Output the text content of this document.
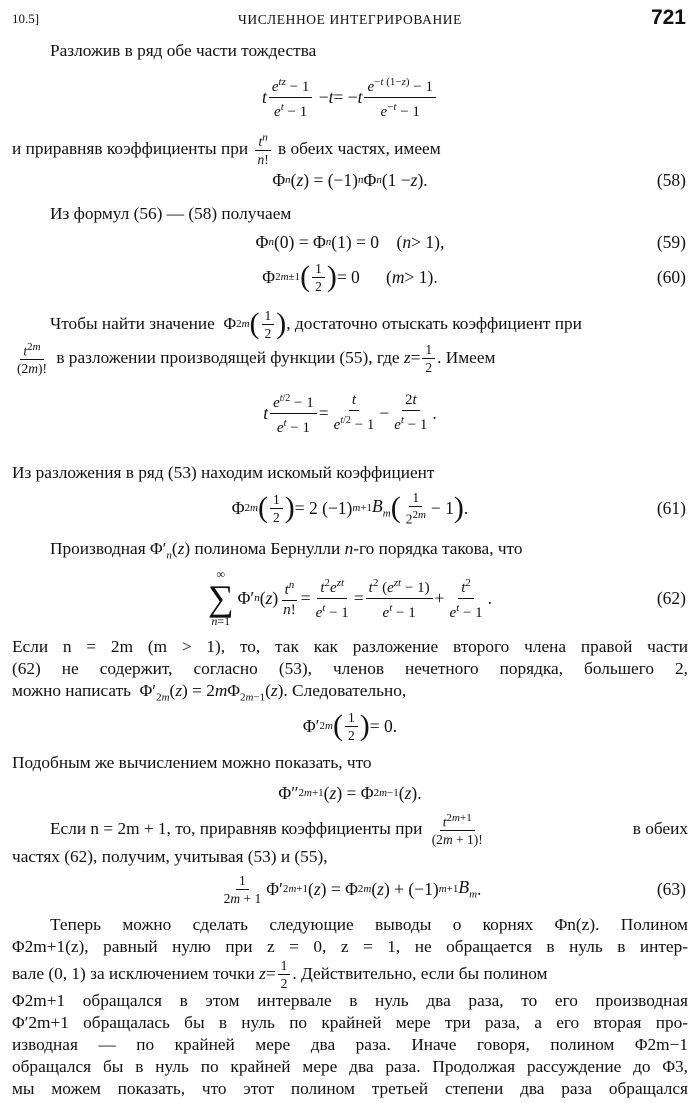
10.5]	ЧИСЛЕННОЕ ИНТЕГРИРОВАНИЕ	721
Разложив в ряд обе части тождества
t $\frac{e^{tz} - 1}{e^t - 1} - t$ = − t $\frac{e^{-t (1-z)} - 1}{e^{-t} - 1}$
и приравняв коэффициенты при
$\frac{t^n}{n!}$
в обеих частях, имеем
Φ n ( z ) = (−1) n Φ n (1 − z ).	(58)
Из формул (56) — (58) получаем
Φ n (0) = Φ n (1) = 0    ( n > 1),	(59)
Φ 2m±1 ( $\frac{1}{2}$ ) = 0      ( m > 1).	(60)
Чтобы найти значение Φ 2m ( $\frac{1}{2}$ ) , достаточно отыскать коэффициент при
$\frac{t^{2m}}{(2m)!}$
в разложении производящей функции (55), где
$z = \frac{1}{2}$ . Имеем
t $\frac{e^{t/2} - 1}{e^t - 1} = \frac{t}{e^{t/2} - 1} - \frac{2t}{e^t - 1}$ .
Из разложения в ряд (53) находим искомый коэффициент
Φ 2m ( $\frac{1}{2}$ ) = 2 (−1) m+1 $B_m$ ( $\frac{1}{2^{2m}} - 1$ ) .	(61)
Производная $\Phi'_n(z)$ полинома Бернулли n-го порядка такова, что
∞
∑
n=1
Φ′ n ( z ) $\frac{t^n}{n!} = \frac{t^2e^{zt}}{e^t - 1} = \frac{t^2 (e^{zt} - 1)}{e^t - 1} + \frac{t^2}{e^t - 1}$ .	(62)
Если n = 2m (m > 1), то, так как разложение второго члена правой части
(62) не содержит, согласно (53), членов нечетного порядка, большего 2,
можно написать  $\Phi'_{2m}(z) = 2m\Phi_{2m-1}(z)$. Следовательно,
Φ′ 2m ( $\frac{1}{2}$ ) = 0.
Подобным же вычислением можно показать, что
Φ″ 2m+1 ( z ) = Φ 2m−1 ( z ).
Если n = 2m + 1, то, приравняв коэффициенты при
$\frac{t^{2m+1}}{(2m + 1)!}$	в обеих
частях (62), получим, учитывая (53) и (55),
$\frac{1}{2m + 1} \Phi'$ 2m+1 ( z ) = Φ 2m ( z ) + (−1) m+1 $B_m$ .	(63)
Теперь можно сделать следующие выводы о корнях Φn(z). Полином
Φ2m+1(z), равный нулю при z = 0, z = 1, не обращается в нуль в интер-
вале (0, 1) за исключением точки
$z = \frac{1}{2}$ . Действительно, если бы полином
Φ2m+1 обращался в этом интервале в нуль два раза, то его производная
Φ′2m+1 обращалась бы в нуль по крайней мере три раза, а его вторая про-
изводная — по крайней мере два раза. Иначе говоря, полином Φ2m−1
обращался бы в нуль по крайней мере два раза. Продолжая рассуждение до Φ3,
мы можем показать, что этот полином третьей степени два раза обращался
